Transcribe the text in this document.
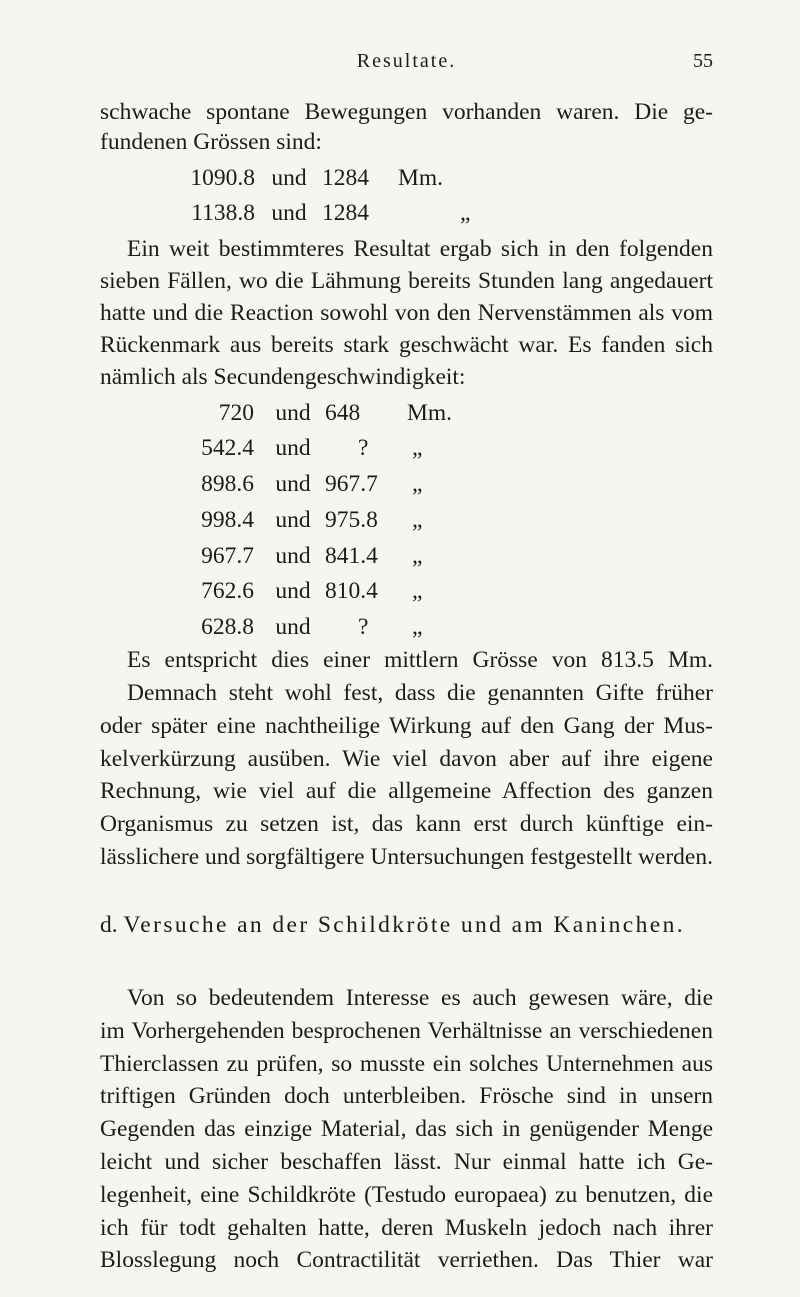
Resultate.	55
schwache spontane Bewegungen vorhanden waren. Die ge-
fundenen Grössen sind:
1090.8 und 1284	Mm.
1138.8 und 1284	„
Ein weit bestimmteres Resultat ergab sich in den folgenden
sieben Fällen, wo die Lähmung bereits Stunden lang angedauert
hatte und die Reaction sowohl von den Nervenstämmen als vom
Rückenmark aus bereits stark geschwächt war. Es fanden sich
nämlich als Secundengeschwindigkeit:
720 und 648	Mm.
542.4 und	?	„
898.6 und 967.7	„
998.4 und 975.8	„
967.7 und 841.4	„
762.6 und 810.4	„
628.8 und	?	„
Es entspricht dies einer mittlern Grösse von 813.5 Mm.
Demnach steht wohl fest, dass die genannten Gifte früher
oder später eine nachtheilige Wirkung auf den Gang der Mus-
kelverkürzung ausüben. Wie viel davon aber auf ihre eigene
Rechnung, wie viel auf die allgemeine Affection des ganzen
Organismus zu setzen ist, das kann erst durch künftige ein-
lässlichere und sorgfältigere Untersuchungen festgestellt werden.
d. Versuche an der Schildkröte und am Kaninchen.
Von so bedeutendem Interesse es auch gewesen wäre, die
im Vorhergehenden besprochenen Verhältnisse an verschiedenen
Thierclassen zu prüfen, so musste ein solches Unternehmen aus
triftigen Gründen doch unterbleiben. Frösche sind in unsern
Gegenden das einzige Material, das sich in genügender Menge
leicht und sicher beschaffen lässt. Nur einmal hatte ich Ge-
legenheit, eine Schildkröte (Testudo europaea) zu benutzen, die
ich für todt gehalten hatte, deren Muskeln jedoch nach ihrer
Blosslegung noch Contractilität verriethen. Das Thier war
